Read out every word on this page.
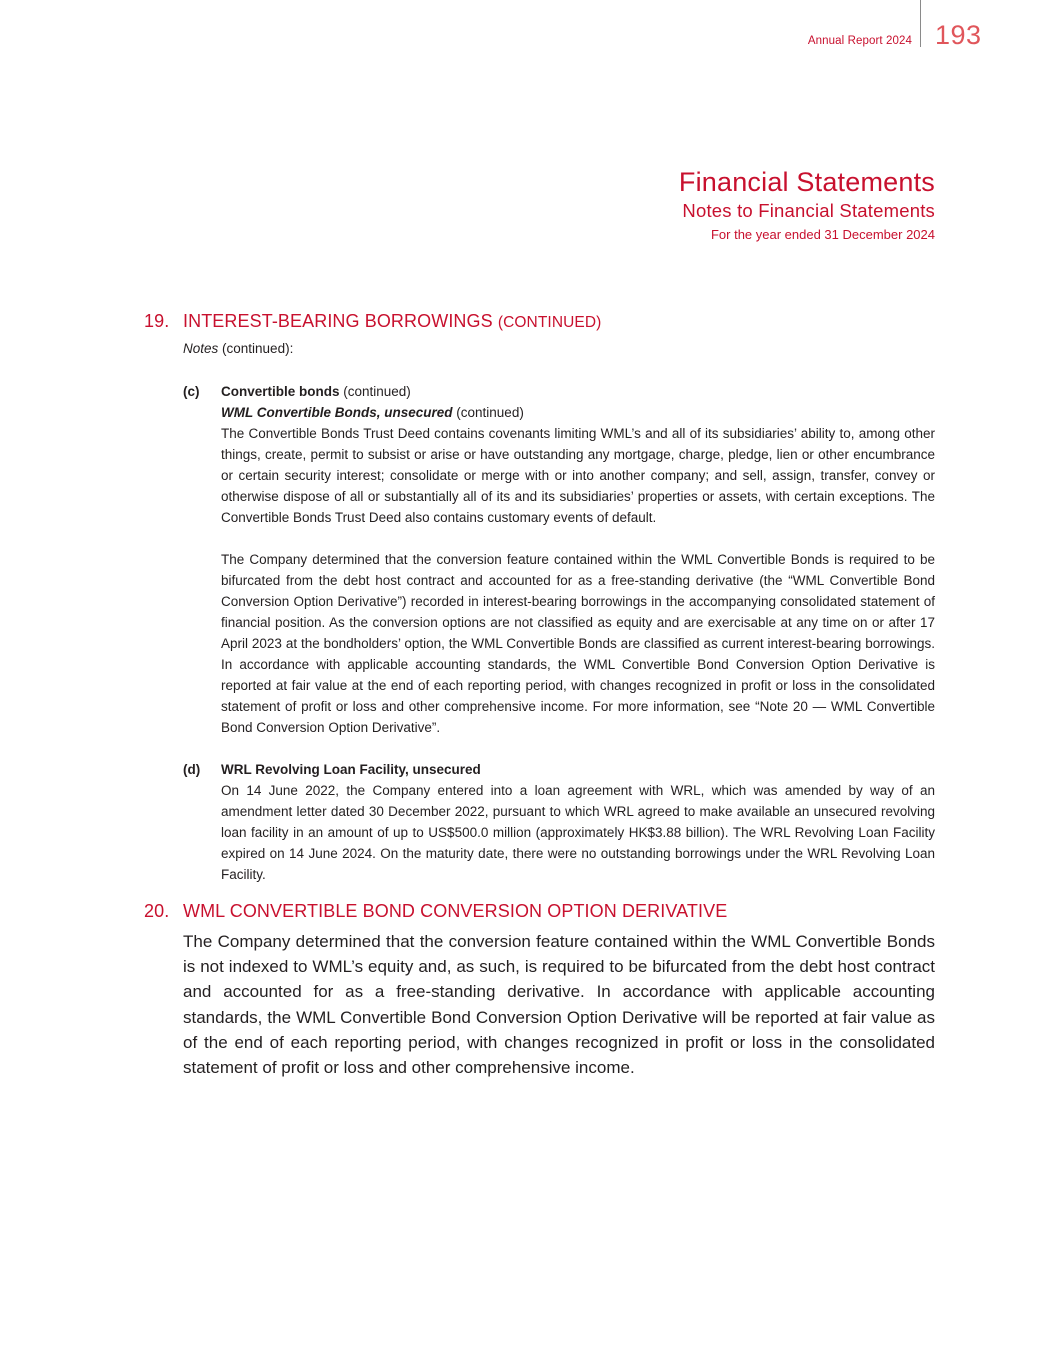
Annual Report 2024 193
Financial Statements
Notes to Financial Statements
For the year ended 31 December 2024
19. INTEREST-BEARING BORROWINGS (CONTINUED)
Notes (continued):
(c)	Convertible bonds (continued)
WML Convertible Bonds, unsecured (continued)

The Convertible Bonds Trust Deed contains covenants limiting WML’s and all of its subsidiaries’ ability to, among other things, create, permit to subsist or arise or have outstanding any mortgage, charge, pledge, lien or other encumbrance or certain security interest; consolidate or merge with or into another company; and sell, assign, transfer, convey or otherwise dispose of all or substantially all of its and its subsidiaries’ properties or assets, with certain exceptions. The Convertible Bonds Trust Deed also contains customary events of default.

The Company determined that the conversion feature contained within the WML Convertible Bonds is required to be bifurcated from the debt host contract and accounted for as a free-standing derivative (the “WML Convertible Bond Conversion Option Derivative”) recorded in interest-bearing borrowings in the accompanying consolidated statement of financial position. As the conversion options are not classified as equity and are exercisable at any time on or after 17 April 2023 at the bondholders’ option, the WML Convertible Bonds are classified as current interest-bearing borrowings. In accordance with applicable accounting standards, the WML Convertible Bond Conversion Option Derivative is reported at fair value at the end of each reporting period, with changes recognized in profit or loss in the consolidated statement of profit or loss and other comprehensive income. For more information, see “Note 20 — WML Convertible Bond Conversion Option Derivative”.

(d)	WRL Revolving Loan Facility, unsecured

On 14 June 2022, the Company entered into a loan agreement with WRL, which was amended by way of an amendment letter dated 30 December 2022, pursuant to which WRL agreed to make available an unsecured revolving loan facility in an amount of up to US$500.0 million (approximately HK$3.88 billion). The WRL Revolving Loan Facility expired on 14 June 2024. On the maturity date, there were no outstanding borrowings under the WRL Revolving Loan Facility.

20. WML CONVERTIBLE BOND CONVERSION OPTION DERIVATIVE
The Company determined that the conversion feature contained within the WML Convertible Bonds is not indexed to WML’s equity and, as such, is required to be bifurcated from the debt host contract and accounted for as a free-standing derivative. In accordance with applicable accounting standards, the WML Convertible Bond Conversion Option Derivative will be reported at fair value as of the end of each reporting period, with changes recognized in profit or loss in the consolidated statement of profit or loss and other comprehensive income.
